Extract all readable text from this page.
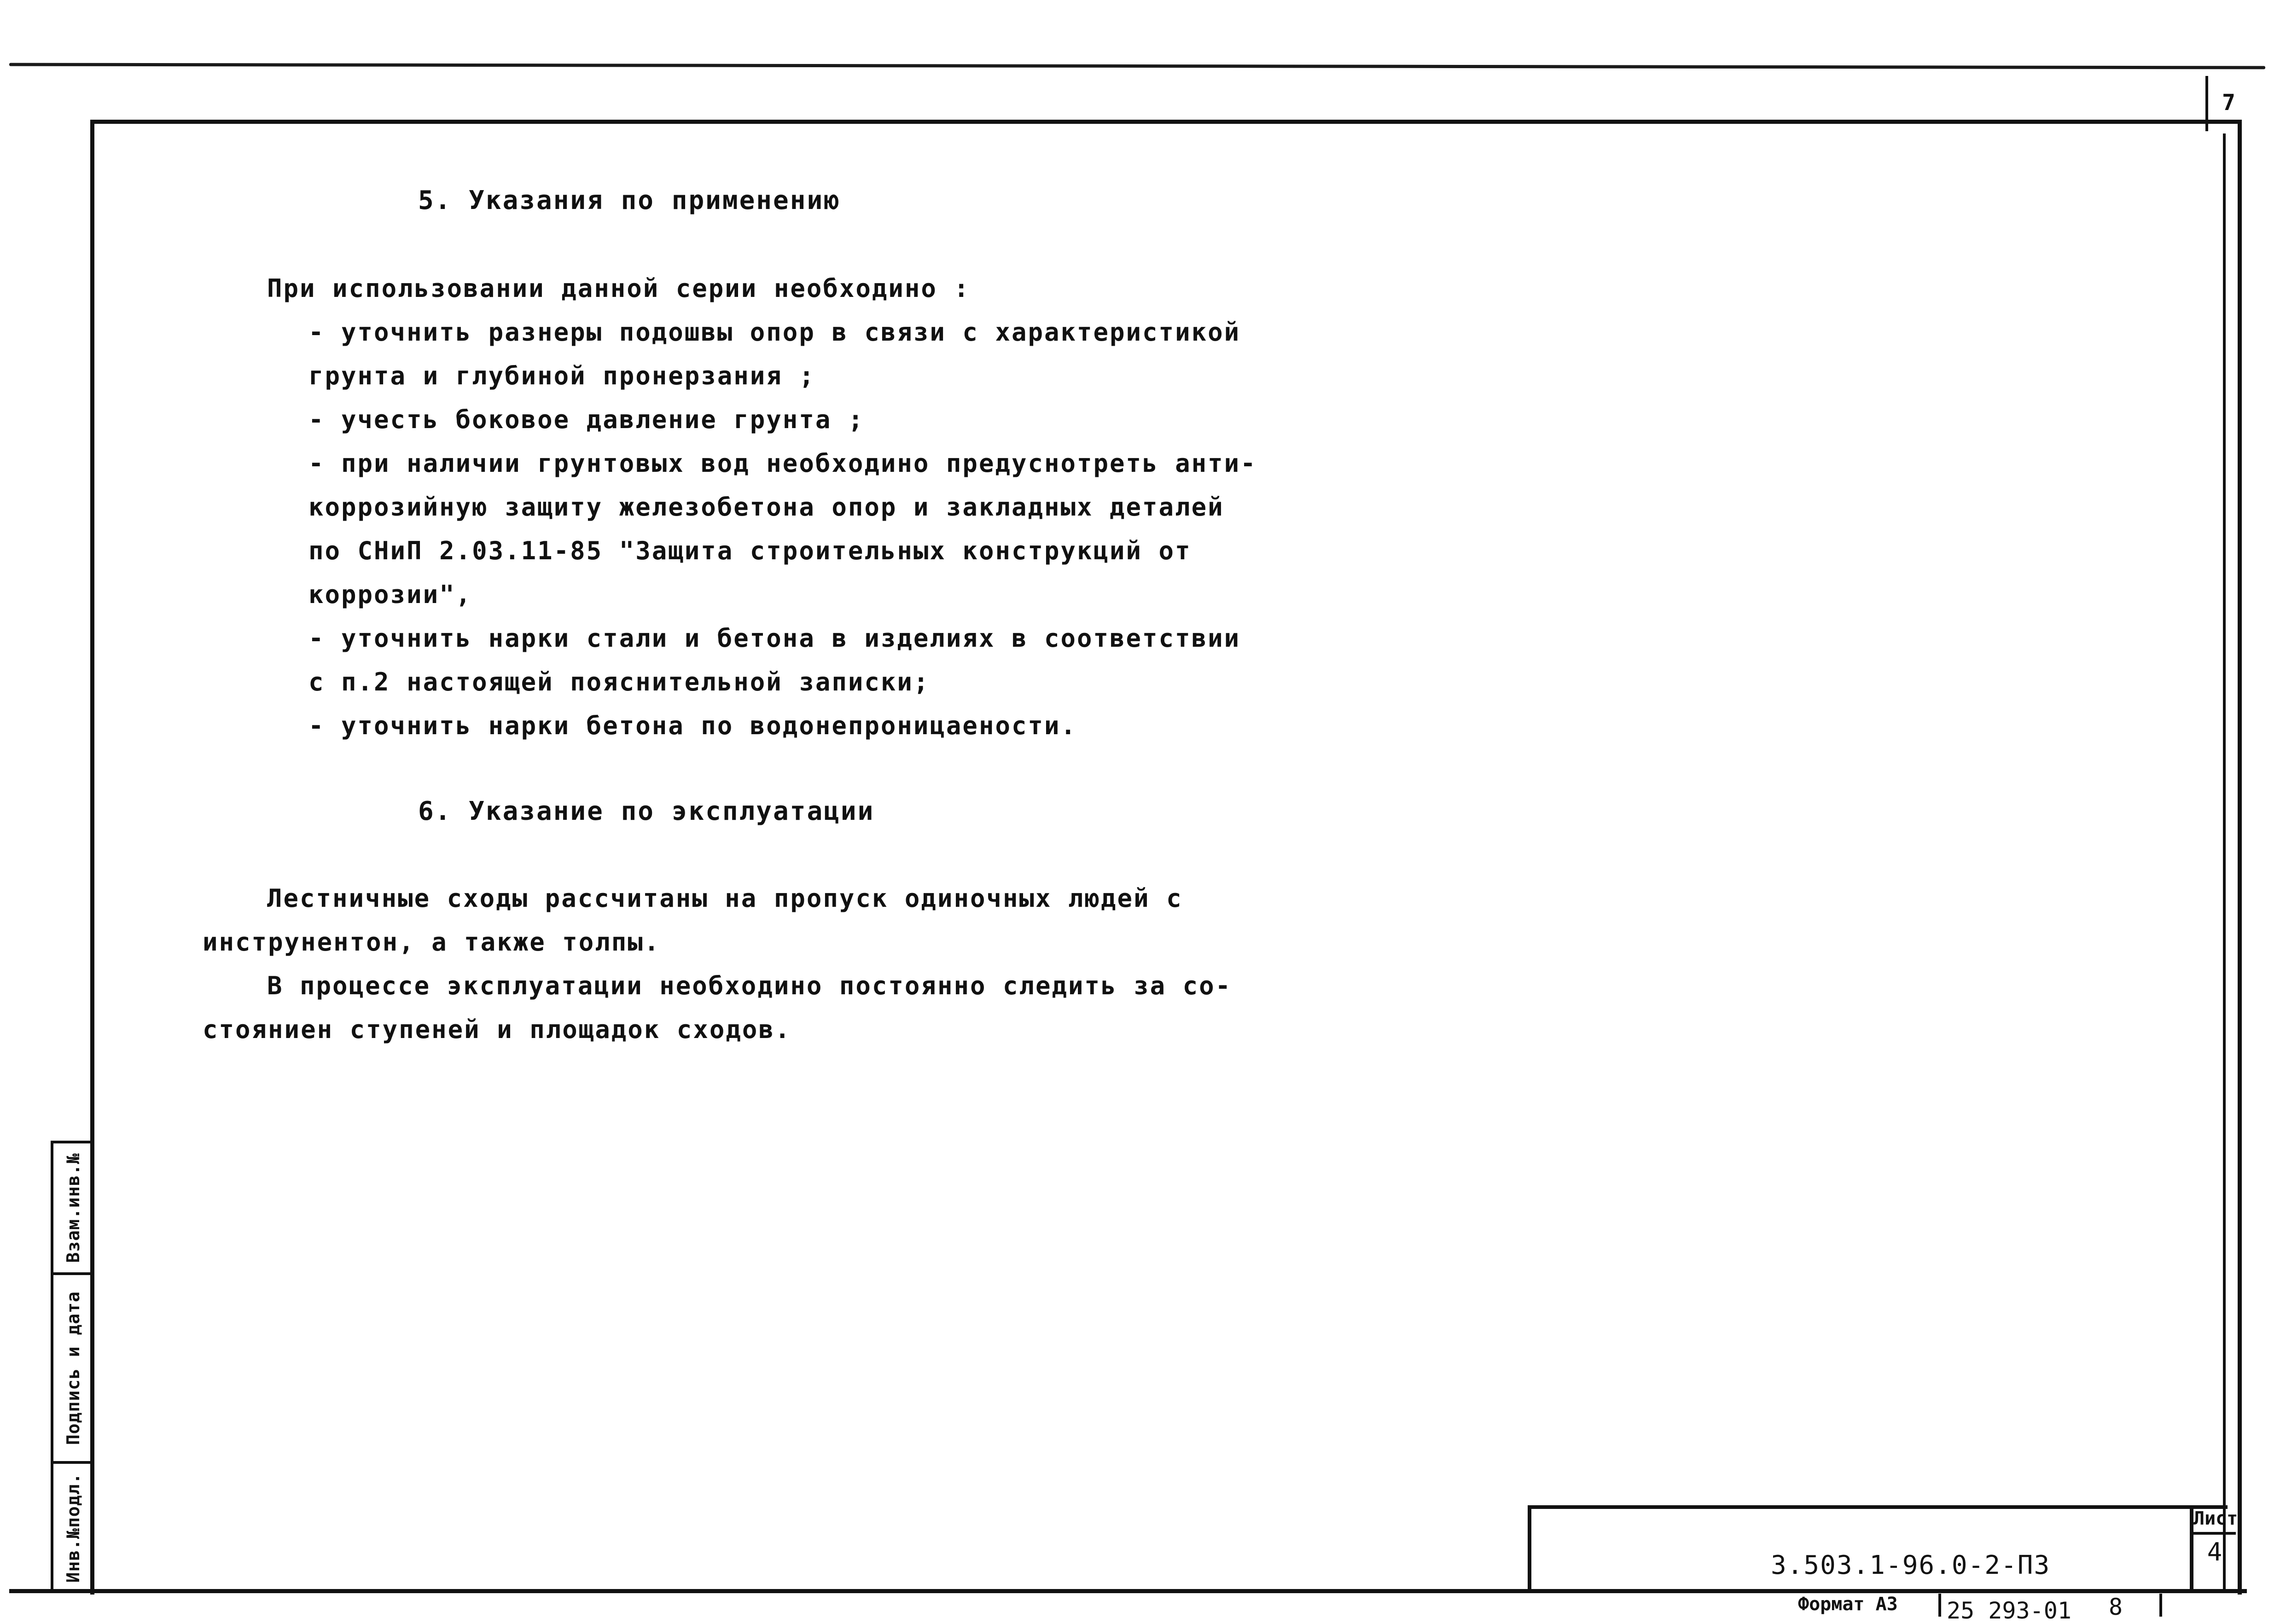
7
5. Указания по применению
При использовании данной серии необходино :
- уточнить разнеры подошвы опор в связи с характеристикой
грунта и глубиной пронерзания ;
- учесть боковое давление грунта ;
- при наличии грунтовых вод необходино предуснотреть анти-
коррозийную защиту железобетона опор и закладных деталей
по СНиП 2.03.11-85 "Защита строительных конструкций от
коррозии",
- уточнить нарки стали и бетона в изделиях в соответствии
с п.2 настоящей пояснительной записки;
- уточнить нарки бетона по водонепроницаености.
6. Указание по эксплуатации
Лестничные сходы рассчитаны на пропуск одиночных людей с
инструнентон, а также толпы.
В процессе эксплуатации необходино постоянно следить за со-
стояниен ступеней и площадок сходов.
Взам.инв.№
Подпись и дата
Инв.№подл.	3.503.1-96.0-2-ПЗ
Лист
4
Формат А3 25 293-01 8
